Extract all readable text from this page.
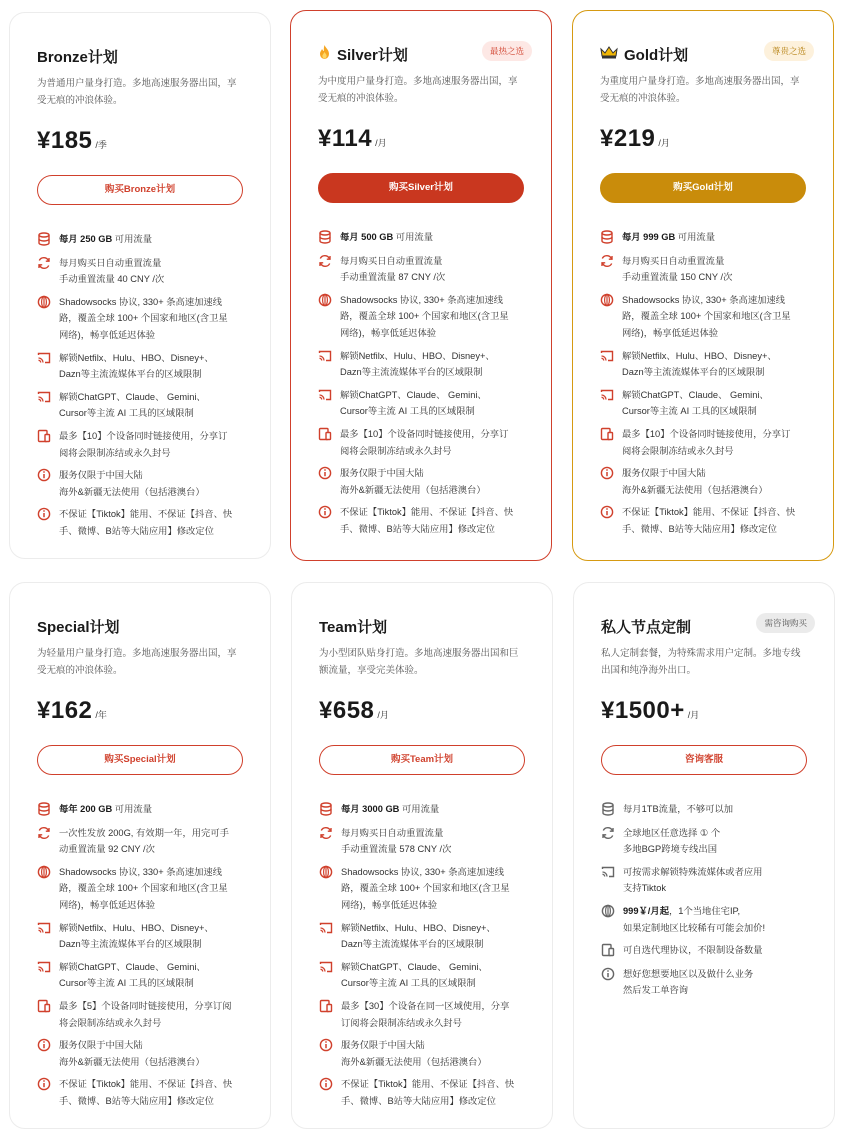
Bronze计划
为普通用户量身打造。多地高速服务器出国，享
受无痕的冲浪体验。
¥185 /季
购买Bronze计划
每月 250 GB 可用流量
每月购买日自动重置流量
手动重置流量 40 CNY /次
Shadowsocks 协议, 330+ 条高速加速线
路，覆盖全球 100+ 个国家和地区(含卫星
网络)，畅享低延迟体验
解锁Netfilx、Hulu、HBO、Disney+、
Dazn等主流流媒体平台的区域限制
解锁ChatGPT、Claude、 Gemini、
Cursor等主流 AI 工具的区域限制
最多【10】个设备同时链接使用，分享订
阅将会限制冻结或永久封号
服务仅限于中国大陆
海外&新疆无法使用（包括港澳台）
不保证【Tiktok】能用、不保证【抖音、快
手、微博、B站等大陆应用】修改定位
Silver计划	最热之选
为中度用户量身打造。多地高速服务器出国，享
受无痕的冲浪体验。
¥114 /月
购买Silver计划
每月 500 GB 可用流量
每月购买日自动重置流量
手动重置流量 87 CNY /次
Shadowsocks 协议, 330+ 条高速加速线
路，覆盖全球 100+ 个国家和地区(含卫星
网络)，畅享低延迟体验
解锁Netfilx、Hulu、HBO、Disney+、
Dazn等主流流媒体平台的区域限制
解锁ChatGPT、Claude、 Gemini、
Cursor等主流 AI 工具的区域限制
最多【10】个设备同时链接使用，分享订
阅将会限制冻结或永久封号
服务仅限于中国大陆
海外&新疆无法使用（包括港澳台）
不保证【Tiktok】能用、不保证【抖音、快
手、微博、B站等大陆应用】修改定位
Gold计划	尊贵之选
为重度用户量身打造。多地高速服务器出国，享
受无痕的冲浪体验。
¥219 /月
购买Gold计划
每月 999 GB 可用流量
每月购买日自动重置流量
手动重置流量 150 CNY /次
Shadowsocks 协议, 330+ 条高速加速线
路，覆盖全球 100+ 个国家和地区(含卫星
网络)，畅享低延迟体验
解锁Netfilx、Hulu、HBO、Disney+、
Dazn等主流流媒体平台的区域限制
解锁ChatGPT、Claude、 Gemini、
Cursor等主流 AI 工具的区域限制
最多【10】个设备同时链接使用，分享订
阅将会限制冻结或永久封号
服务仅限于中国大陆
海外&新疆无法使用（包括港澳台）
不保证【Tiktok】能用、不保证【抖音、快
手、微博、B站等大陆应用】修改定位
Special计划
为轻量用户量身打造。多地高速服务器出国，享
受无痕的冲浪体验。
¥162 /年
购买Special计划
每年 200 GB 可用流量
一次性发放 200G, 有效期一年，用完可手
动重置流量 92 CNY /次
Shadowsocks 协议, 330+ 条高速加速线
路，覆盖全球 100+ 个国家和地区(含卫星
网络)，畅享低延迟体验
解锁Netfilx、Hulu、HBO、Disney+、
Dazn等主流流媒体平台的区域限制
解锁ChatGPT、Claude、 Gemini、
Cursor等主流 AI 工具的区域限制
最多【5】个设备同时链接使用，分享订阅
将会限制冻结或永久封号
服务仅限于中国大陆
海外&新疆无法使用（包括港澳台）
不保证【Tiktok】能用、不保证【抖音、快
手、微博、B站等大陆应用】修改定位
Team计划
为小型团队贴身打造。多地高速服务器出国和巨
额流量，享受完美体验。
¥658 /月
购买Team计划
每月 3000 GB 可用流量
每月购买日自动重置流量
手动重置流量 578 CNY /次
Shadowsocks 协议, 330+ 条高速加速线
路，覆盖全球 100+ 个国家和地区(含卫星
网络)，畅享低延迟体验
解锁Netfilx、Hulu、HBO、Disney+、
Dazn等主流流媒体平台的区域限制
解锁ChatGPT、Claude、 Gemini、
Cursor等主流 AI 工具的区域限制
最多【30】个设备在同一区域使用，分享
订阅将会限制冻结或永久封号
服务仅限于中国大陆
海外&新疆无法使用（包括港澳台）
不保证【Tiktok】能用、不保证【抖音、快
手、微博、B站等大陆应用】修改定位
私人节点定制	需咨询购买
私人定制套餐，为特殊需求用户定制。多地专线
出国和纯净海外出口。
¥1500+ /月
咨询客服
每月1TB流量，不够可以加
全球地区任意选择 ① 个
多地BGP跨境专线出国
可按需求解锁特殊流媒体或者应用
支持Tiktok
999￥/月起，1个当地住宅IP,
如果定制地区比较稀有可能会加价!
可自选代理协议，不限制设备数量
想好您想要地区以及做什么业务
然后发工单咨询
